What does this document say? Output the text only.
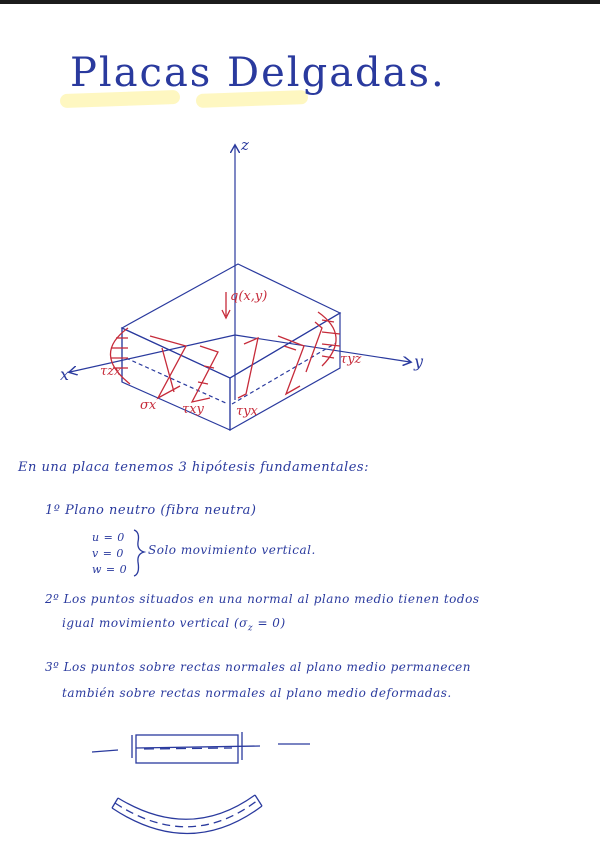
Placas Delgadas.
z
y
x
q(x,y)
τzx
σx τxy τyx
τyz
En una placa tenemos 3 hipótesis fundamentales:
1º Plano neutro (fibra neutra)
u = 0
v = 0
w = 0
Solo movimiento vertical.
2º Los puntos situados en una normal al plano medio tienen todos
igual movimiento vertical $(\sigma_z = 0)$
3º Los puntos sobre rectas normales al plano medio permanecen
también sobre rectas normales al plano medio deformadas.
